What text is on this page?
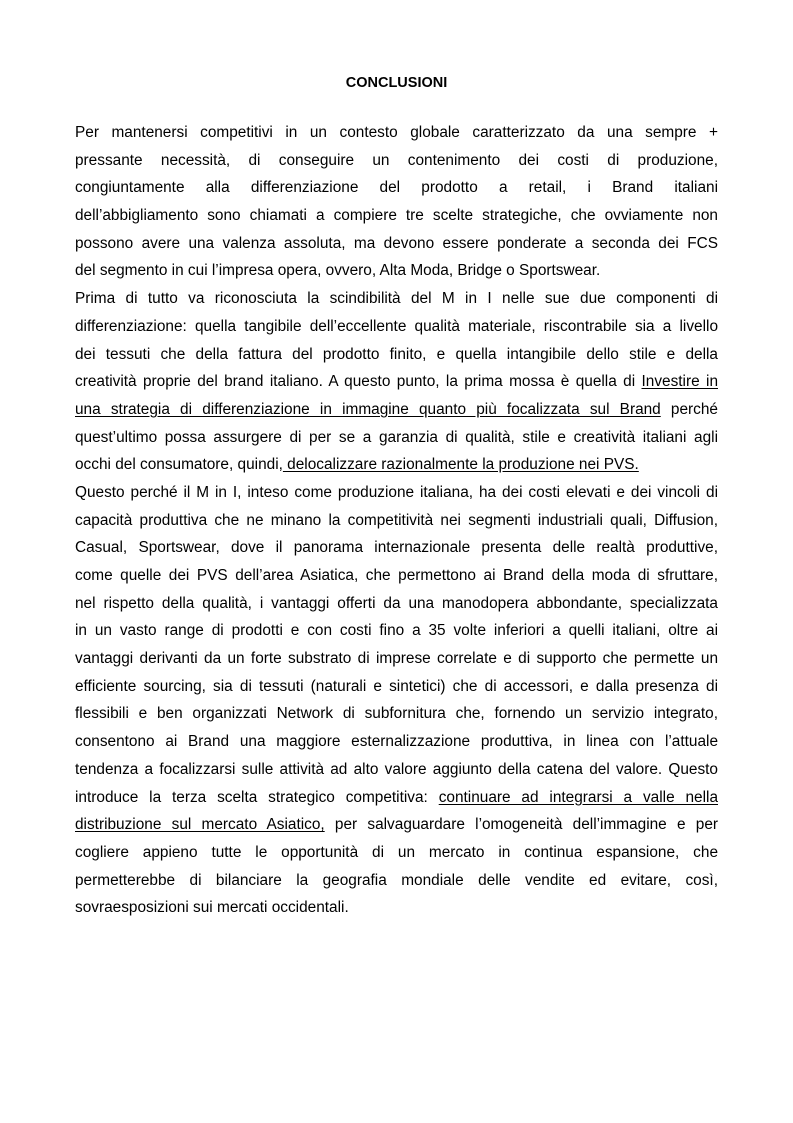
CONCLUSIONI
Per mantenersi competitivi in un contesto globale caratterizzato da una sempre +
pressante necessità, di conseguire un contenimento dei costi di produzione,
congiuntamente alla differenziazione del prodotto a retail, i Brand italiani
dell’abbigliamento sono chiamati a compiere tre scelte strategiche, che ovviamente non
possono avere una valenza assoluta, ma devono essere ponderate a seconda dei FCS
del segmento in cui l’impresa opera, ovvero, Alta Moda, Bridge o Sportswear.
Prima di tutto va riconosciuta la scindibilità del M in I nelle sue due componenti di
differenziazione: quella tangibile dell’eccellente qualità materiale, riscontrabile sia a livello
dei tessuti che della fattura del prodotto finito, e quella intangibile dello stile e della
creatività proprie del brand italiano. A questo punto, la prima mossa è quella di Investire in
una strategia di differenziazione in immagine quanto più focalizzata sul Brand perché
quest’ultimo possa assurgere di per se a garanzia di qualità, stile e creatività italiani agli
occhi del consumatore, quindi, delocalizzare razionalmente la produzione nei PVS.
Questo perché il M in I, inteso come produzione italiana, ha dei costi elevati e dei vincoli di
capacità produttiva che ne minano la competitività nei segmenti industriali quali, Diffusion,
Casual, Sportswear, dove il panorama internazionale presenta delle realtà produttive,
come quelle dei PVS dell’area Asiatica, che permettono ai Brand della moda di sfruttare,
nel rispetto della qualità, i vantaggi offerti da una manodopera abbondante, specializzata
in un vasto range di prodotti e con costi fino a 35 volte inferiori a quelli italiani, oltre ai
vantaggi derivanti da un forte substrato di imprese correlate e di supporto che permette un
efficiente sourcing, sia di tessuti (naturali e sintetici) che di accessori, e dalla presenza di
flessibili e ben organizzati Network di subfornitura che, fornendo un servizio integrato,
consentono ai Brand una maggiore esternalizzazione produttiva, in linea con l’attuale
tendenza a focalizzarsi sulle attività ad alto valore aggiunto della catena del valore. Questo
introduce la terza scelta strategico competitiva: continuare ad integrarsi a valle nella
distribuzione sul mercato Asiatico, per salvaguardare l’omogeneità dell’immagine e per
cogliere appieno tutte le opportunità di un mercato in continua espansione, che
permetterebbe di bilanciare la geografia mondiale delle vendite ed evitare, così,
sovraesposizioni sui mercati occidentali.
